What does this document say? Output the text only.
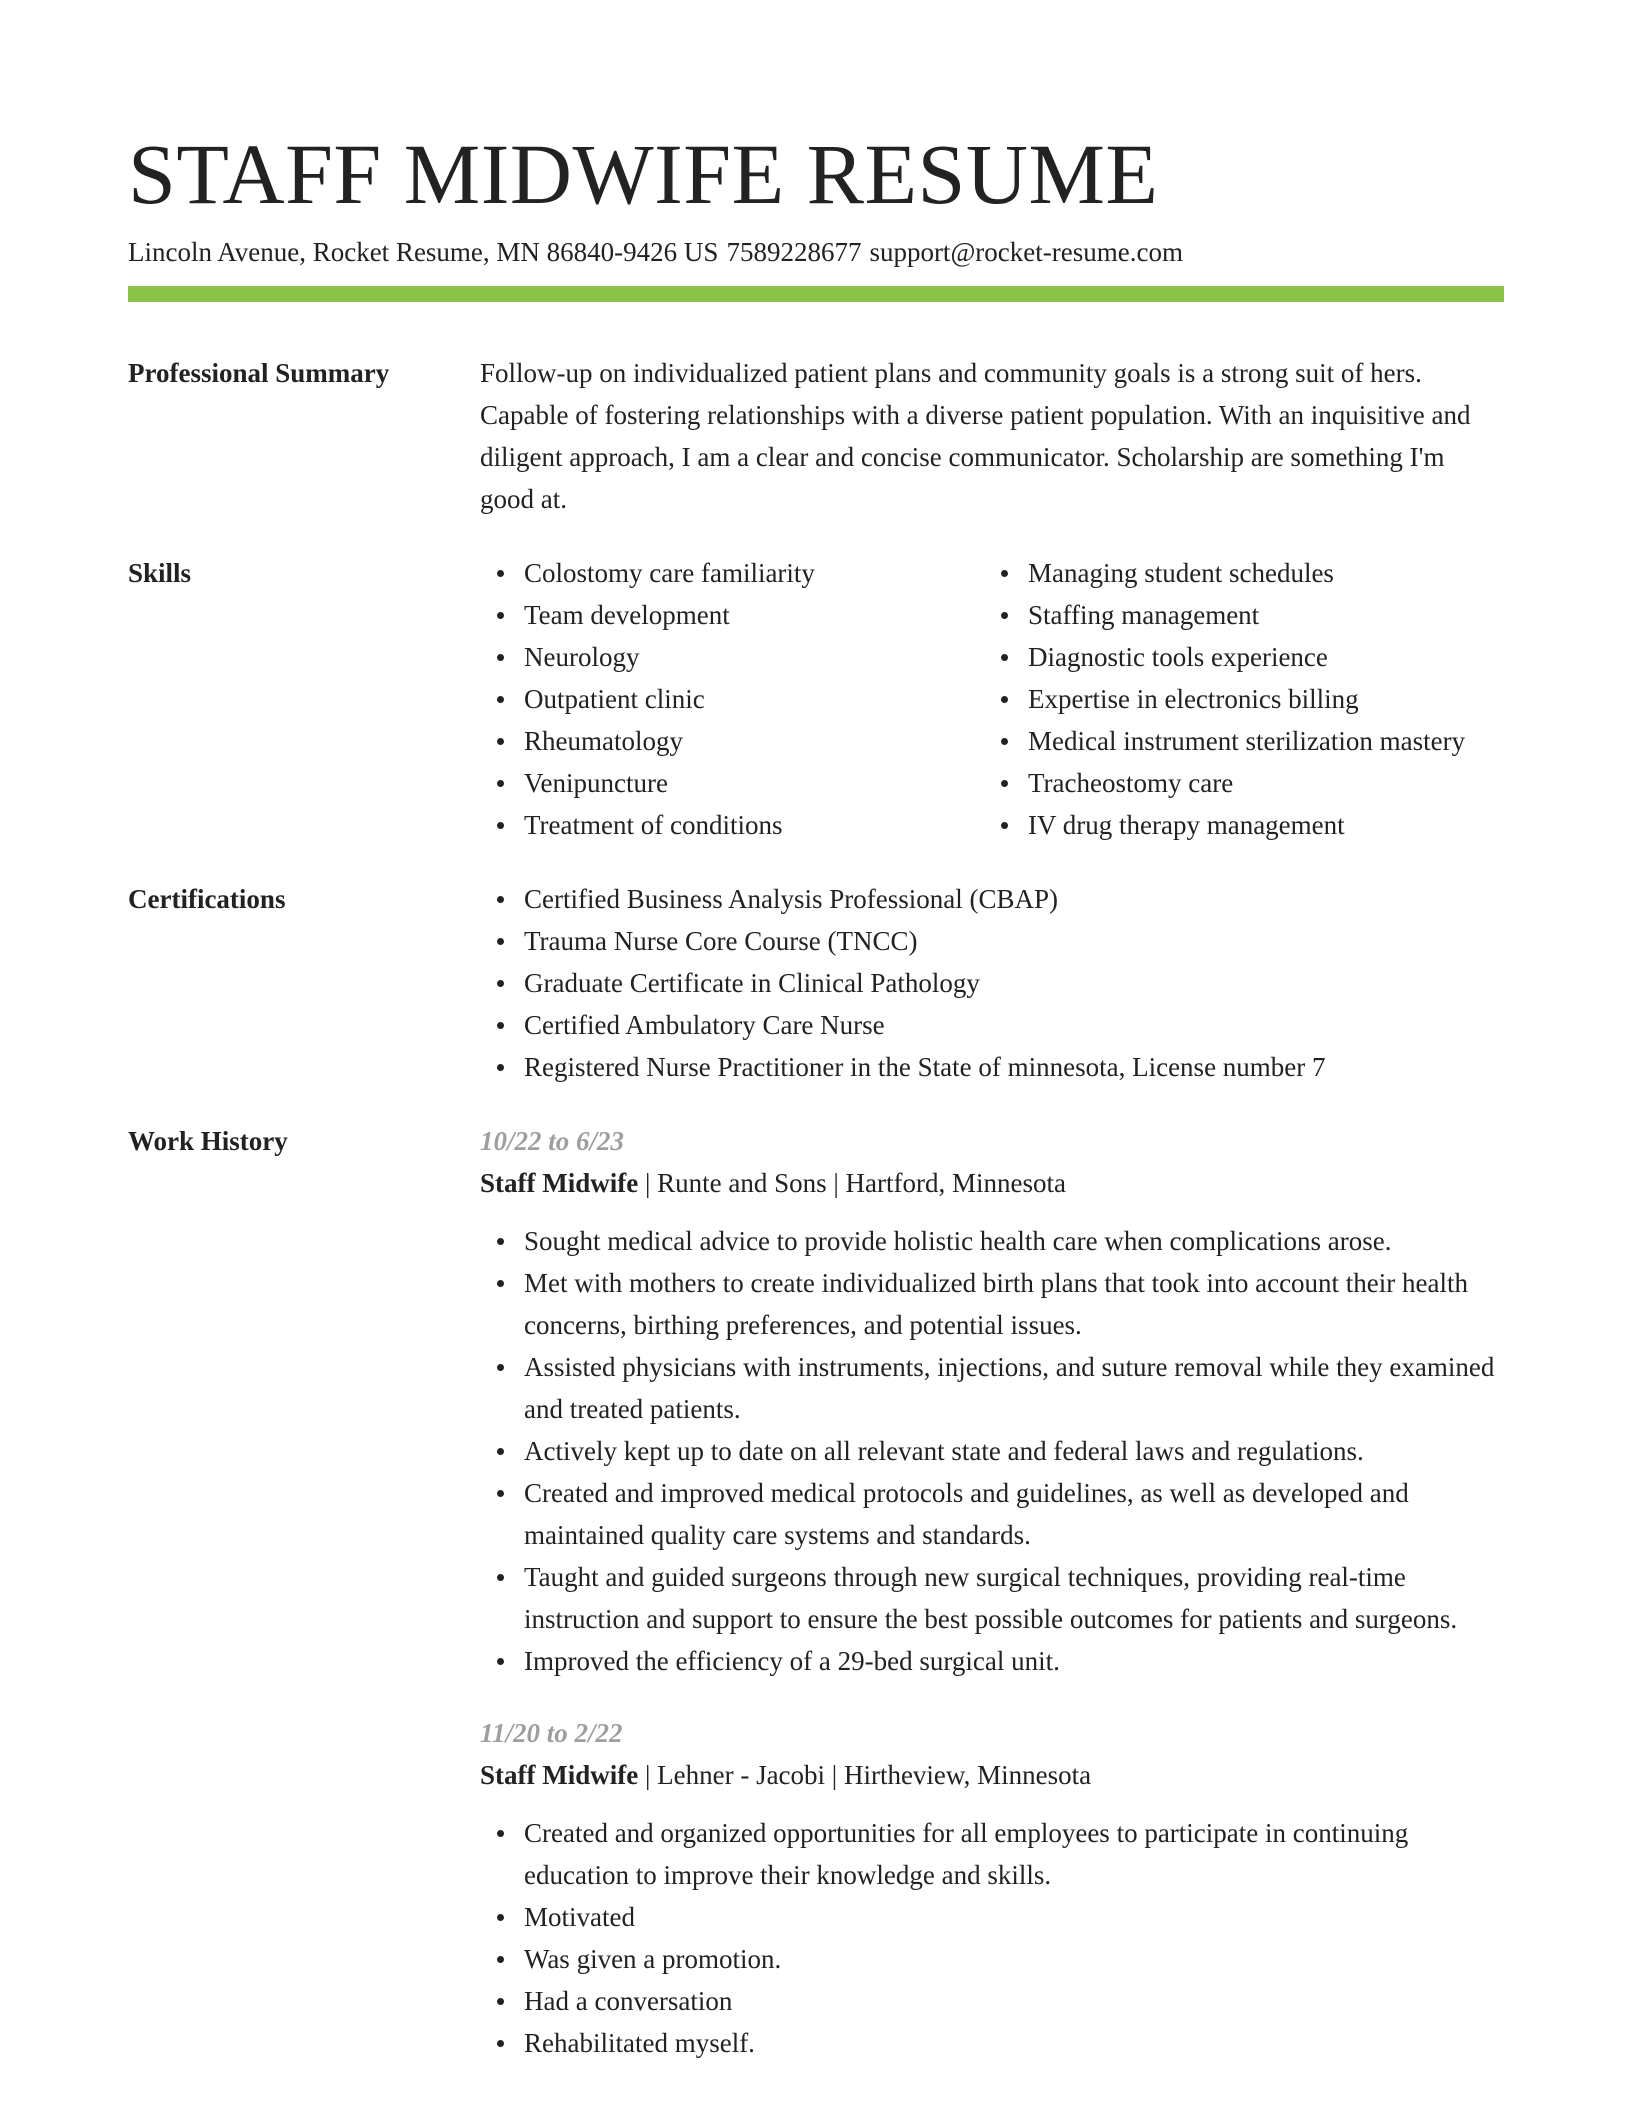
STAFF MIDWIFE RESUME
Lincoln Avenue, Rocket Resume, MN 86840-9426 US 7589228677 support@rocket-resume.com
Professional Summary	Follow-up on individualized patient plans and community goals is a strong suit of hers. Capable of fostering relationships with a diverse patient population. With an inquisitive and diligent approach, I am a clear and concise communicator. Scholarship are something I'm good at.

Skills	Colostomy care familiarity
Team development
Neurology
Outpatient clinic
Rheumatology
Venipuncture
Treatment of conditions
Managing student schedules
Staffing management
Diagnostic tools experience
Expertise in electronics billing
Medical instrument sterilization mastery
Tracheostomy care
IV drug therapy management
Certifications	Certified Business Analysis Professional (CBAP)
Trauma Nurse Core Course (TNCC)
Graduate Certificate in Clinical Pathology
Certified Ambulatory Care Nurse
Registered Nurse Practitioner in the State of minnesota, License number 7
Work History	10/22 to 6/23
Staff Midwife | Runte and Sons | Hartford, Minnesota
Sought medical advice to provide holistic health care when complications arose.
Met with mothers to create individualized birth plans that took into account their health concerns, birthing preferences, and potential issues.
Assisted physicians with instruments, injections, and suture removal while they examined and treated patients.
Actively kept up to date on all relevant state and federal laws and regulations.
Created and improved medical protocols and guidelines, as well as developed and maintained quality care systems and standards.
Taught and guided surgeons through new surgical techniques, providing real-time instruction and support to ensure the best possible outcomes for patients and surgeons.
Improved the efficiency of a 29-bed surgical unit.
11/20 to 2/22
Staff Midwife | Lehner - Jacobi | Hirtheview, Minnesota
Created and organized opportunities for all employees to participate in continuing education to improve their knowledge and skills.
Motivated
Was given a promotion.
Had a conversation
Rehabilitated myself.
